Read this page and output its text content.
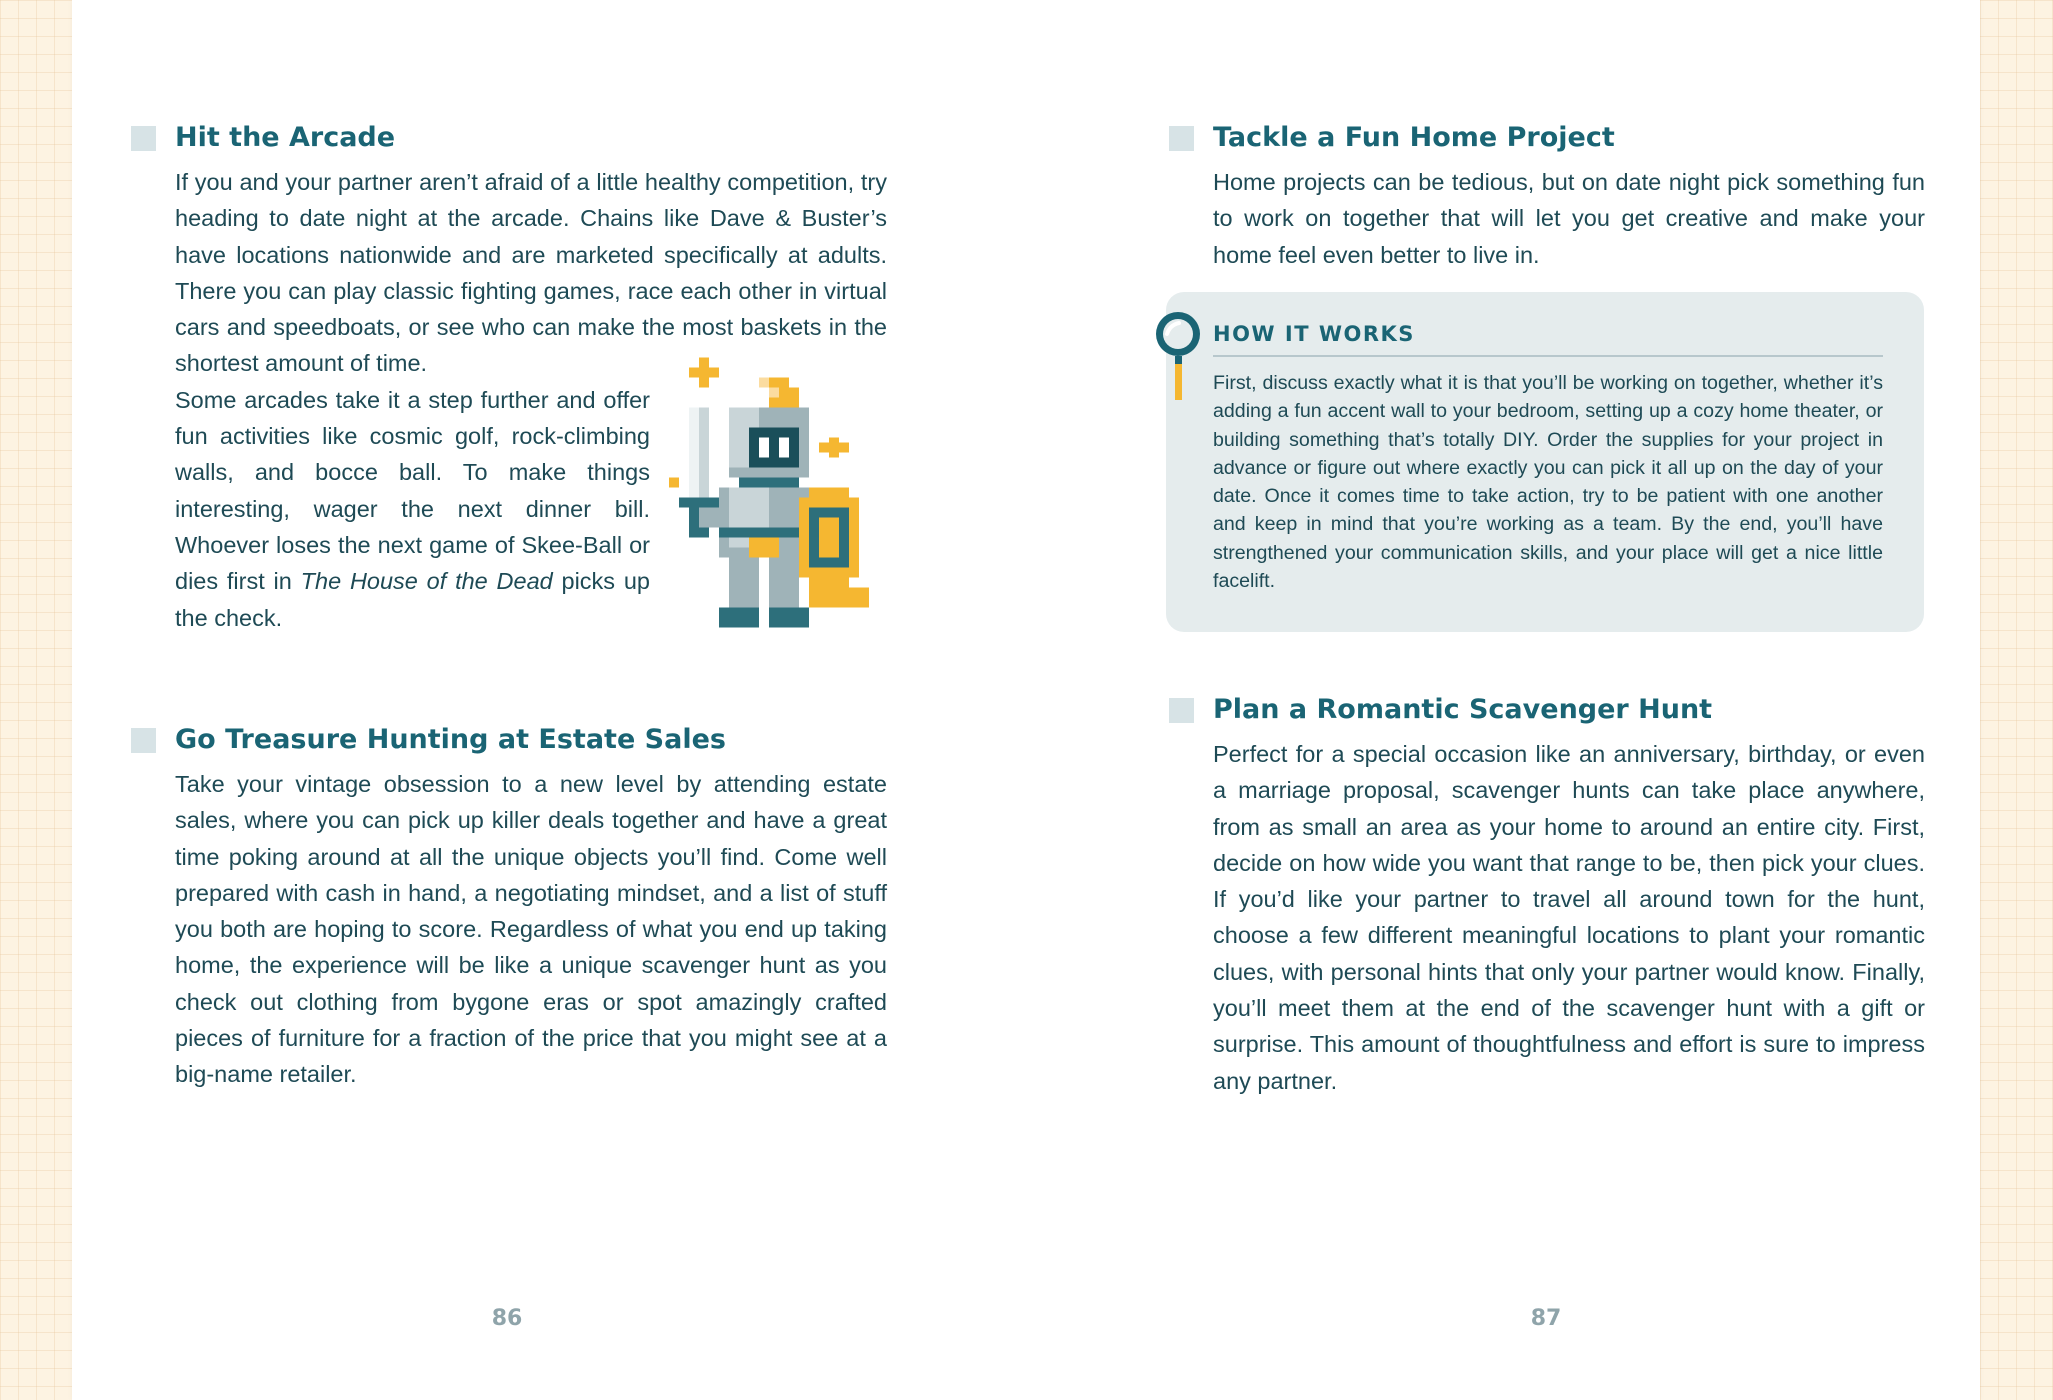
Hit the Arcade

If you and your partner aren’t afraid of a little healthy competition, try heading to date night at the arcade. Chains like Dave & Buster’s have locations nationwide and are marketed specifically at adults. There you can play classic fighting games, race each other in virtual cars and speedboats, or see who can make the most baskets in the shortest amount of time.

Some arcades take it a step further and offer fun activities like cosmic golf, rock-climbing walls, and bocce ball. To make things interesting, wager the next dinner bill. Whoever loses the next game of Skee-Ball or dies first in The House of the Dead picks up the check.

Go Treasure Hunting at Estate Sales

Take your vintage obsession to a new level by attending estate sales, where you can pick up killer deals together and have a great time poking around at all the unique objects you’ll find. Come well prepared with cash in hand, a negotiating mindset, and a list of stuff you both are hoping to score. Regardless of what you end up taking home, the experience will be like a unique scavenger hunt as you check out clothing from bygone eras or spot amazingly crafted pieces of furniture for a fraction of the price that you might see at a big-name retailer.

86
Tackle a Fun Home Project

Home projects can be tedious, but on date night pick something fun to work on together that will let you get creative and make your home feel even better to live in.

HOW IT WORKS

First, discuss exactly what it is that you’ll be working on together, whether it’s adding a fun accent wall to your bedroom, setting up a cozy home theater, or building something that’s totally DIY. Order the supplies for your project in advance or figure out where exactly you can pick it all up on the day of your date. Once it comes time to take action, try to be patient with one another and keep in mind that you’re working as a team. By the end, you’ll have strengthened your communication skills, and your place will get a nice little facelift.

Plan a Romantic Scavenger Hunt

Perfect for a special occasion like an anniversary, birthday, or even a marriage proposal, scavenger hunts can take place anywhere, from as small an area as your home to around an entire city. First, decide on how wide you want that range to be, then pick your clues. If you’d like your partner to travel all around town for the hunt, choose a few different meaningful locations to plant your romantic clues, with personal hints that only your partner would know. Finally, you’ll meet them at the end of the scavenger hunt with a gift or surprise. This amount of thoughtfulness and effort is sure to impress any partner.

87
